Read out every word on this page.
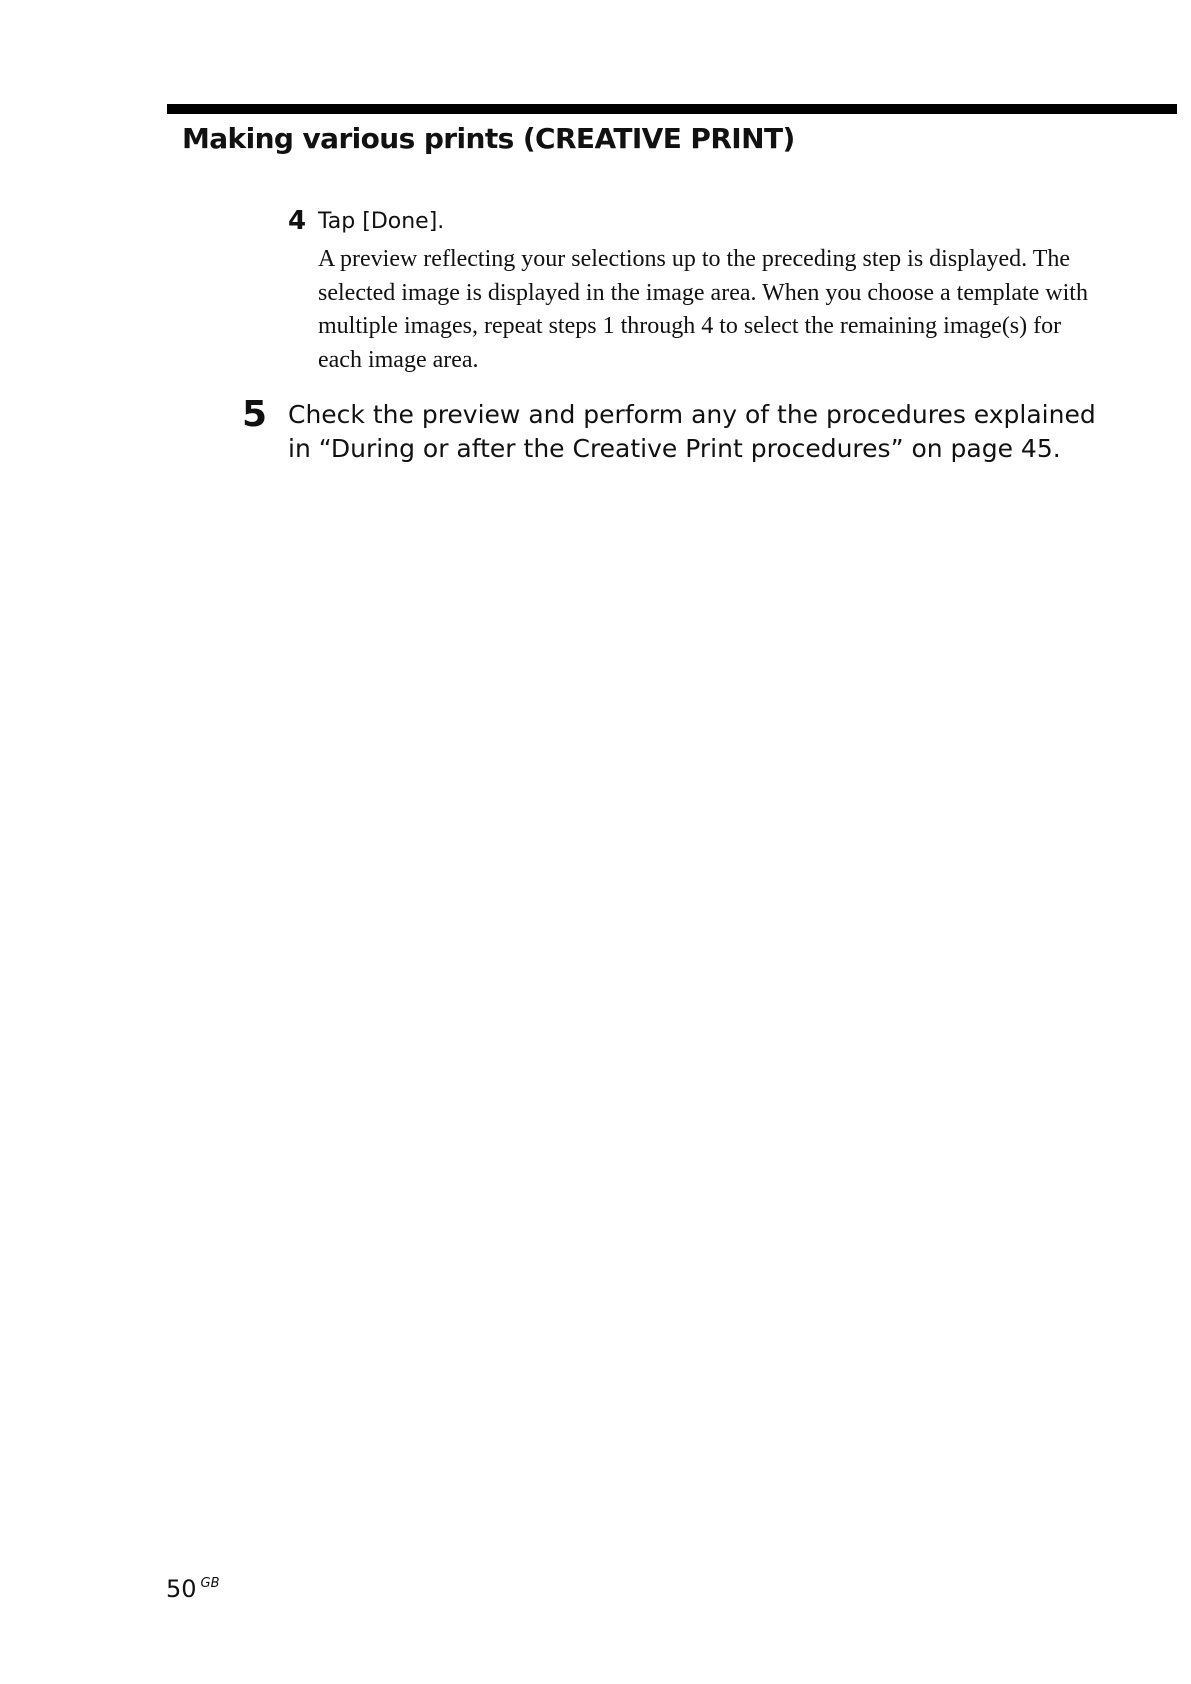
Making various prints (CREATIVE PRINT)
4 Tap [Done].

A preview reflecting your selections up to the preceding step is displayed. The selected image is displayed in the image area. When you choose a template with multiple images, repeat steps 1 through 4 to select the remaining image(s) for each image area.

5 Check the preview and perform any of the procedures explained in “During or after the Creative Print procedures” on page 45.

50 $^{GB}$
